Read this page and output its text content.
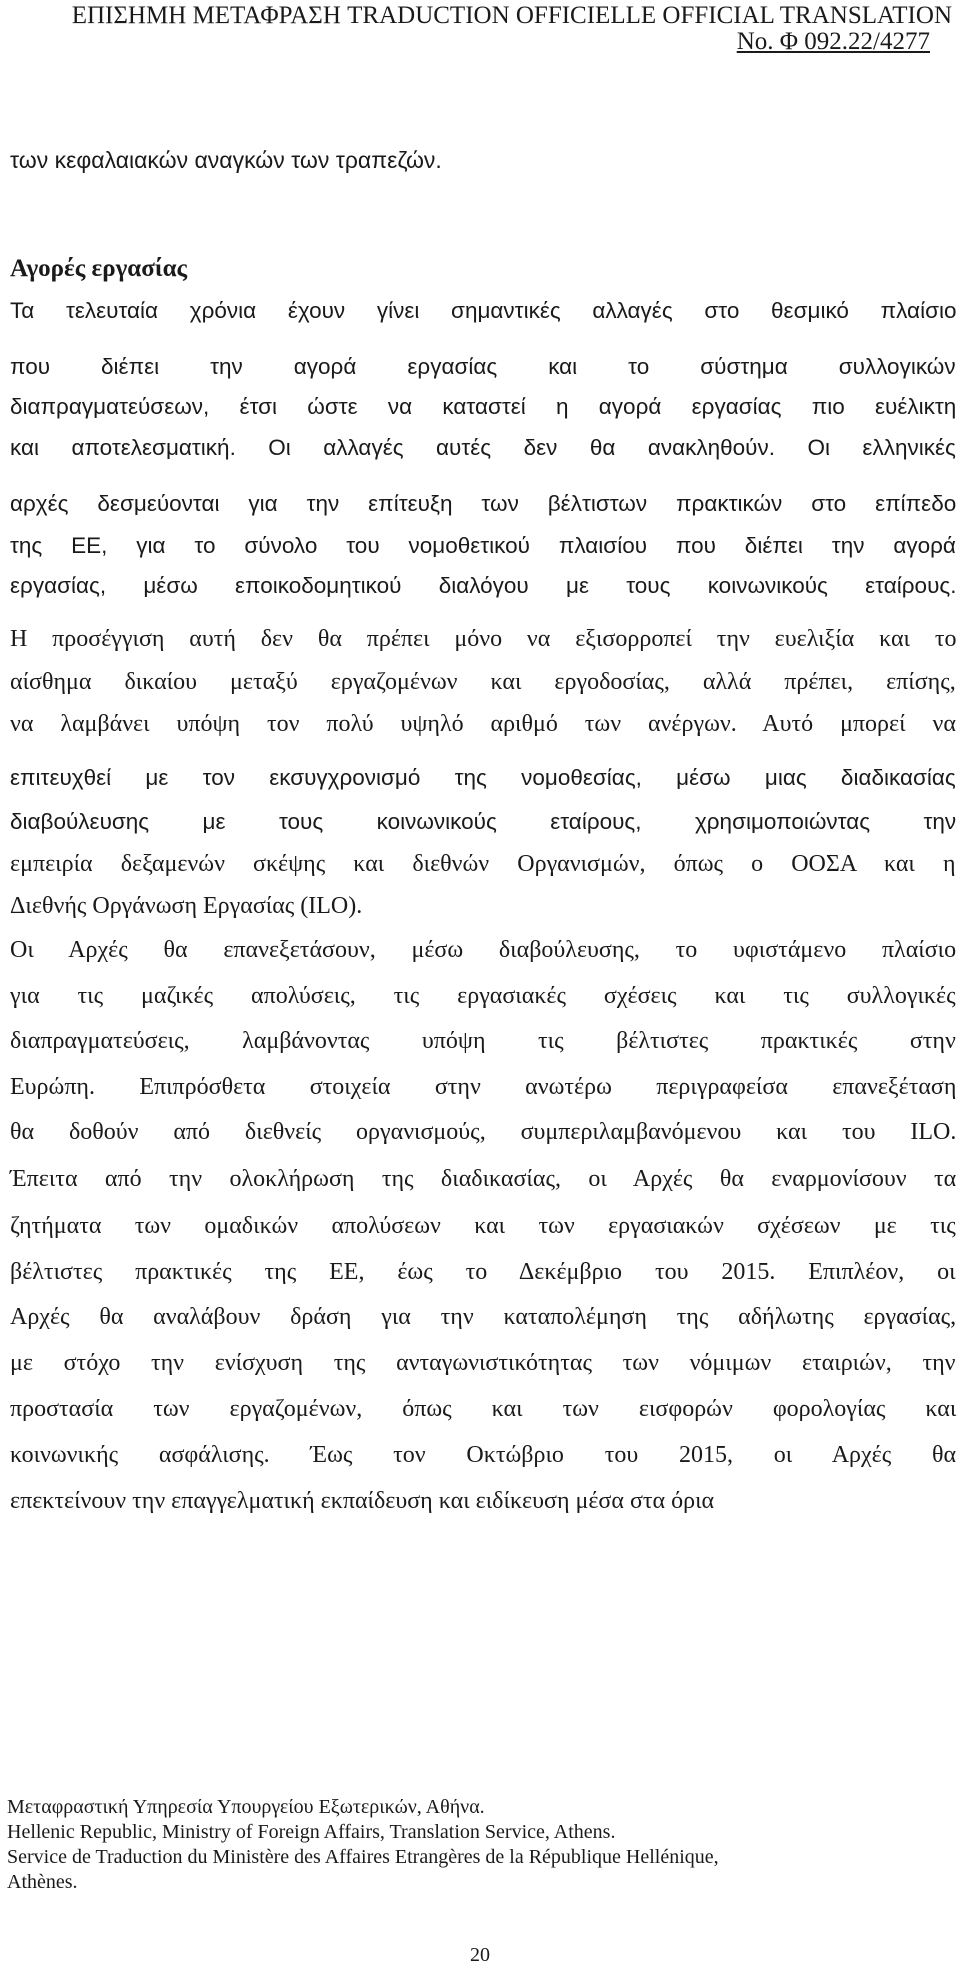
ΕΠΙΣΗΜΗ ΜΕΤΑΦΡΑΣΗ TRADUCTION OFFICIELLE OFFICIAL TRANSLATION
No. Φ 092.22/4277
των κεφαλαιακών αναγκών των τραπεζών.
Αγορές εργασίας
Τα τελευταία χρόνια έχουν γίνει σημαντικές αλλαγές στο θεσμικό πλαίσιο
που διέπει την αγορά εργασίας και το σύστημα συλλογικών
διαπραγματεύσεων, έτσι ώστε να καταστεί η αγορά εργασίας πιο ευέλικτη
και αποτελεσματική. Οι αλλαγές αυτές δεν θα ανακληθούν. Οι ελληνικές
αρχές δεσμεύονται για την επίτευξη των βέλτιστων πρακτικών στο επίπεδο
της ΕΕ, για το σύνολο του νομοθετικού πλαισίου που διέπει την αγορά
εργασίας, μέσω εποικοδομητικού διαλόγου με τους κοινωνικούς εταίρους.
Η προσέγγιση αυτή δεν θα πρέπει μόνο να εξισορροπεί την ευελιξία και το
αίσθημα δικαίου μεταξύ εργαζομένων και εργοδοσίας, αλλά πρέπει, επίσης,
να λαμβάνει υπόψη τον πολύ υψηλό αριθμό των ανέργων. Αυτό μπορεί να
επιτευχθεί με τον εκσυγχρονισμό της νομοθεσίας, μέσω μιας διαδικασίας
διαβούλευσης με τους κοινωνικούς εταίρους, χρησιμοποιώντας την
εμπειρία δεξαμενών σκέψης και διεθνών Οργανισμών, όπως ο ΟΟΣΑ και η
Διεθνής Οργάνωση Εργασίας (ILO).
Οι Αρχές θα επανεξετάσουν, μέσω διαβούλευσης, το υφιστάμενο πλαίσιο
για τις μαζικές απολύσεις, τις εργασιακές σχέσεις και τις συλλογικές
διαπραγματεύσεις, λαμβάνοντας υπόψη τις βέλτιστες πρακτικές στην
Ευρώπη. Επιπρόσθετα στοιχεία στην ανωτέρω περιγραφείσα επανεξέταση
θα δοθούν από διεθνείς οργανισμούς, συμπεριλαμβανόμενου και του ILO.
Έπειτα από την ολοκλήρωση της διαδικασίας, οι Αρχές θα εναρμονίσουν τα
ζητήματα των ομαδικών απολύσεων και των εργασιακών σχέσεων με τις
βέλτιστες πρακτικές της ΕΕ, έως το Δεκέμβριο του 2015. Επιπλέον, οι
Αρχές θα αναλάβουν δράση για την καταπολέμηση της αδήλωτης εργασίας,
με στόχο την ενίσχυση της ανταγωνιστικότητας των νόμιμων εταιριών, την
προστασία των εργαζομένων, όπως και των εισφορών φορολογίας και
κοινωνικής ασφάλισης. Έως τον Οκτώβριο του 2015, οι Αρχές θα
επεκτείνουν την επαγγελματική εκπαίδευση και ειδίκευση μέσα στα όρια
Μεταφραστική Υπηρεσία Υπουργείου Εξωτερικών, Αθήνα.
Hellenic Republic, Ministry of Foreign Affairs, Translation Service, Athens.
Service de Traduction du Ministère des Affaires Etrangères de la République Hellénique,
Athènes.
20
